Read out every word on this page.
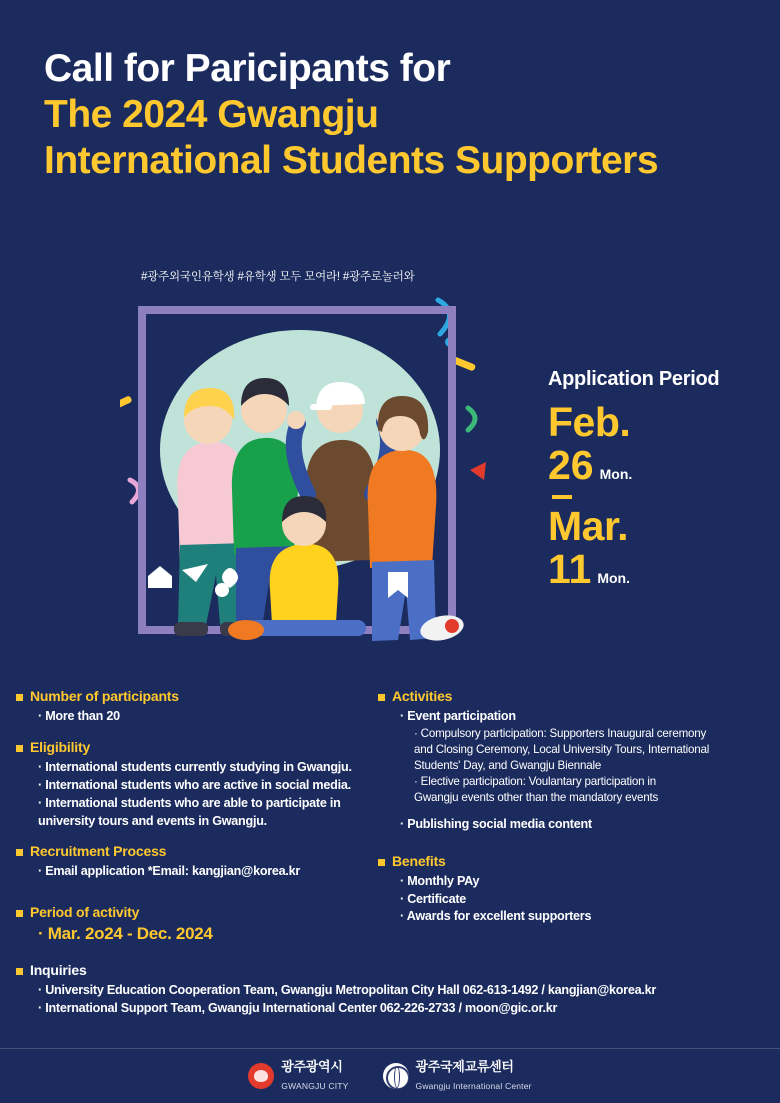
Call for Paricipants for
The 2024 Gwangju
International Students Supporters
#광주외국인유학생 #유학생 모두 모여라! #광주로놀러와
Application Period
Feb.
26 Mon.
Mar.
11 Mon.
Number of participants
· More than 20
Eligibility
· International students currently studying in Gwangju.
· International students who are active in social media.
· International students who are able to participate in
university tours and events in Gwangju.
Recruitment Process
· Email application *Email: kangjian@korea.kr
Period of activity
· Mar. 2o24 - Dec. 2024
Activities
· Event participation
· Compulsory participation: Supporters Inaugural ceremony
and Closing Ceremony, Local University Tours, International
Students' Day, and Gwangju Biennale
· Elective participation: Voulantary participation in
Gwangju events other than the mandatory events
· Publishing social media content
Benefits
· Monthly PAy
· Certificate
· Awards for excellent supporters
Inquiries
· University Education Cooperation Team, Gwangju Metropolitan City Hall 062-613-1492 / kangjian@korea.kr
· International Support Team, Gwangju International Center 062-226-2733 / moon@gic.or.kr
광주광역시
GWANGJU CITY
광주국제교류센터
Gwangju International Center
